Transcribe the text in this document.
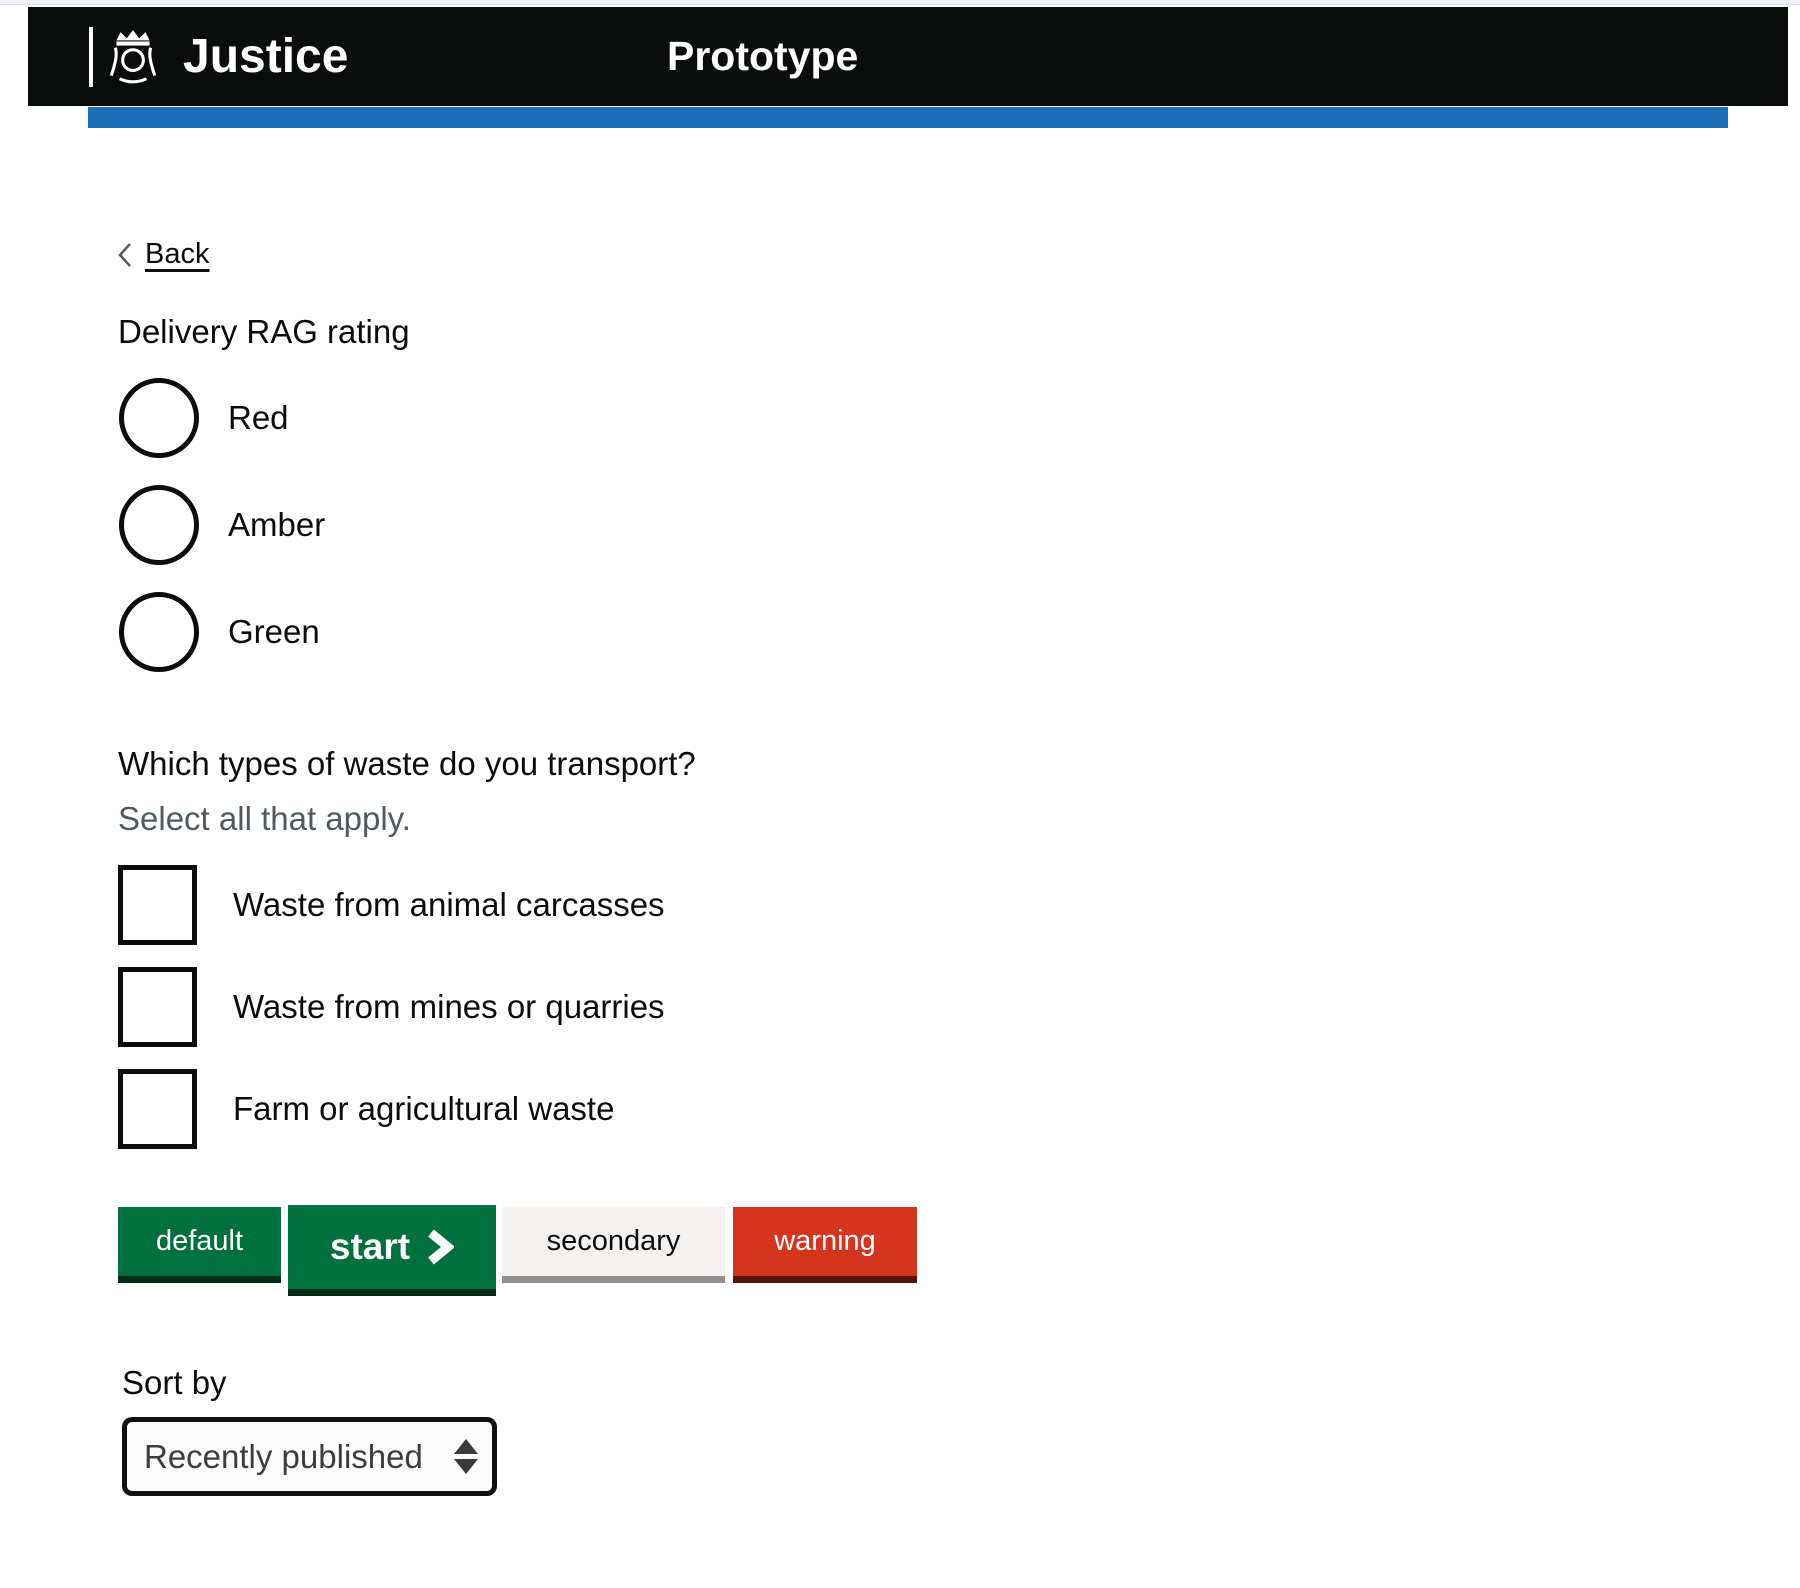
Justice	Prototype
Back
Delivery RAG rating
Red
Amber
Green
Which types of waste do you transport?
Select all that apply.
Waste from animal carcasses
Waste from mines or quarries
Farm or agricultural waste
default start	secondary	warning
Sort by
Recently published
